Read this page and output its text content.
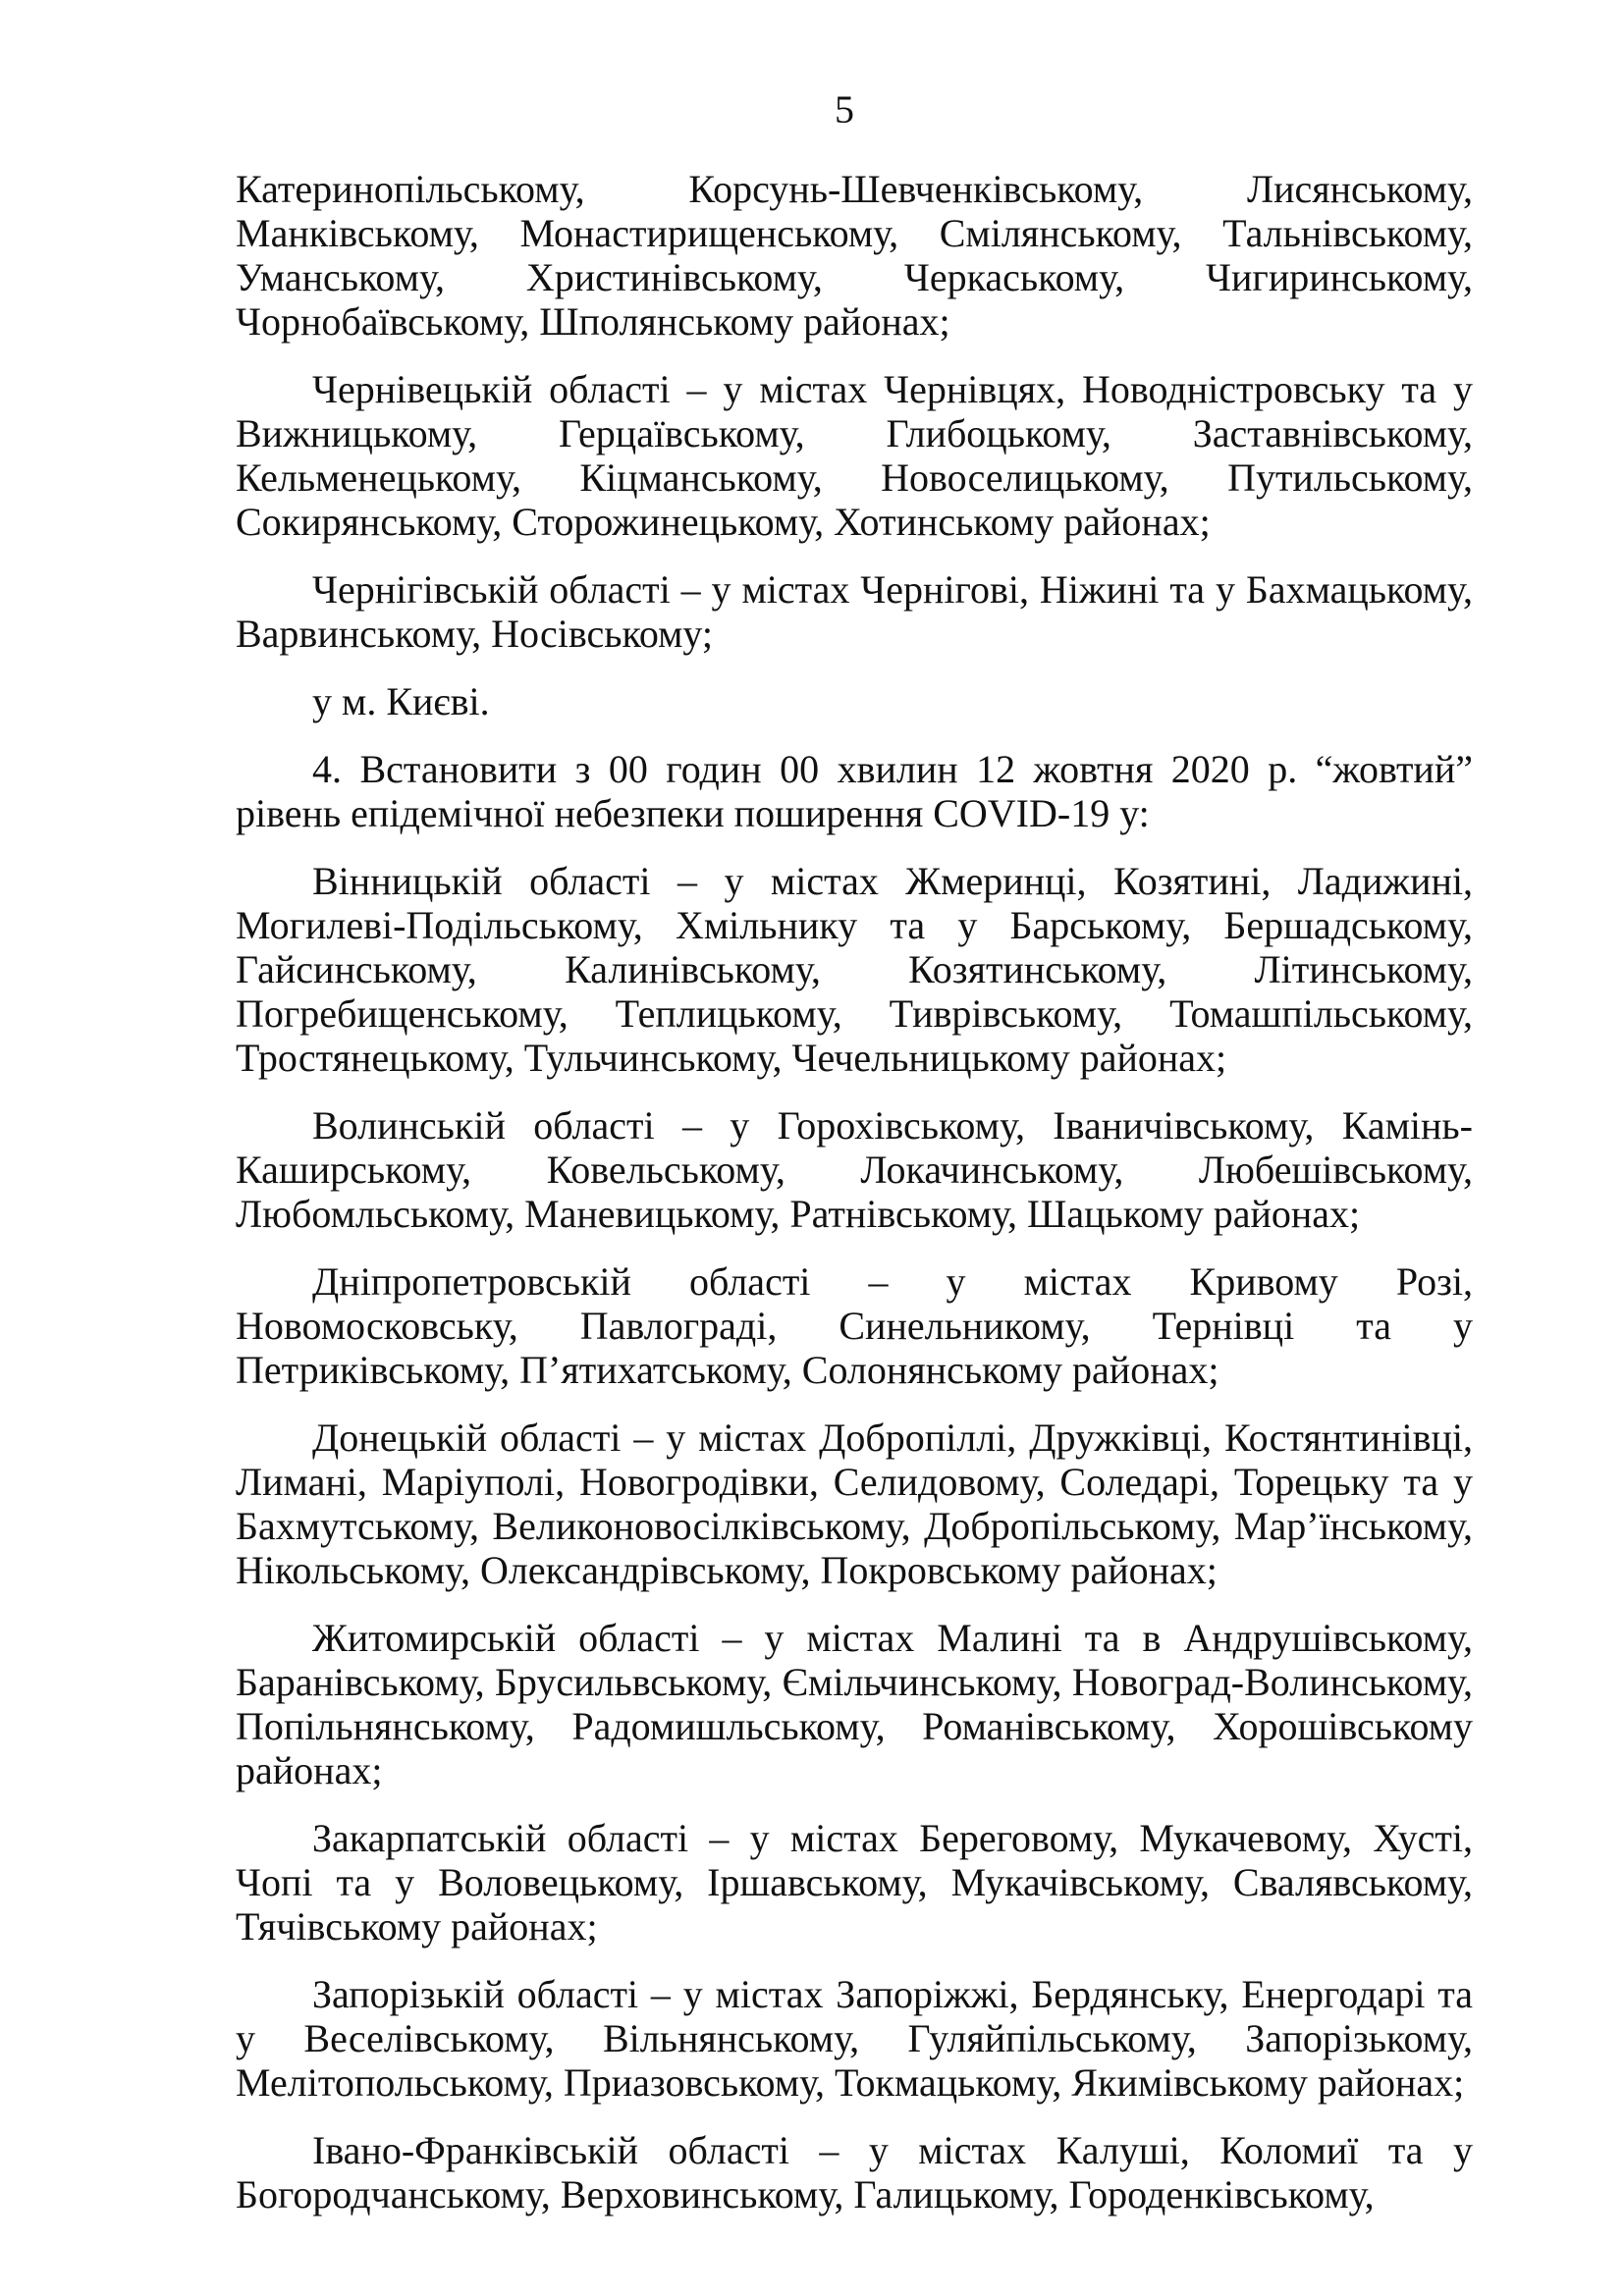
5

Катеринопільському, Корсунь-Шевченківському, Лисянському, Манківському, Монастирищенському, Смілянському, Тальнівському, Уманському, Христинівському, Черкаському, Чигиринському, Чорнобаївському, Шполянському районах;

Чернівецькій області – у містах Чернівцях, Новодністровську та у Вижницькому, Герцаївському, Глибоцькому, Заставнівському, Кельменецькому, Кіцманському, Новоселицькому, Путильському, Сокирянському, Сторожинецькому, Хотинському районах;

Чернігівській області – у містах Чернігові, Ніжині та у Бахмацькому, Варвинському, Носівському;

у м. Києві.

4. Встановити з 00 годин 00 хвилин 12 жовтня 2020 р. “жовтий” рівень епідемічної небезпеки поширення COVID-19 у:

Вінницькій області – у містах Жмеринці, Козятині, Ладижині, Могилеві-Подільському, Хмільнику та у Барському, Бершадському, Гайсинському, Калинівському, Козятинському, Літинському, Погребищенському, Теплицькому, Тиврівському, Томашпільському, Тростянецькому, Тульчинському, Чечельницькому районах;

Волинській області – у Горохівському, Іваничівському, Камінь-Каширському, Ковельському, Локачинському, Любешівському, Любомльському, Маневицькому, Ратнівському, Шацькому районах;

Дніпропетровській області – у містах Кривому Розі, Новомосковську, Павлограді, Синельникому, Тернівці та у Петриківському, П’ятихатському, Солонянському районах;

Донецькій області – у містах Добропіллі, Дружківці, Костянтинівці, Лимані, Маріуполі, Новогродівки, Селидовому, Соледарі, Торецьку та у Бахмутському, Великоновосілківському, Добропільському, Мар’їнському, Нікольському, Олександрівському, Покровському районах;

Житомирській області – у містах Малині та в Андрушівському, Баранівському, Брусильвському, Ємільчинському, Новоград-Волинському, Попільнянському, Радомишльському, Романівському, Хорошівському районах;

Закарпатській області – у містах Береговому, Мукачевому, Хусті, Чопі та у Воловецькому, Іршавському, Мукачівському, Свалявському, Тячівському районах;

Запорізькій області – у містах Запоріжжі, Бердянську, Енергодарі та у Веселівському, Вільнянському, Гуляйпільському, Запорізькому, Мелітопольському, Приазовському, Токмацькому, Якимівському районах;

Івано-Франківській області – у містах Калуші, Коломиї та у Богородчанському, Верховинському, Галицькому, Городенківському,
